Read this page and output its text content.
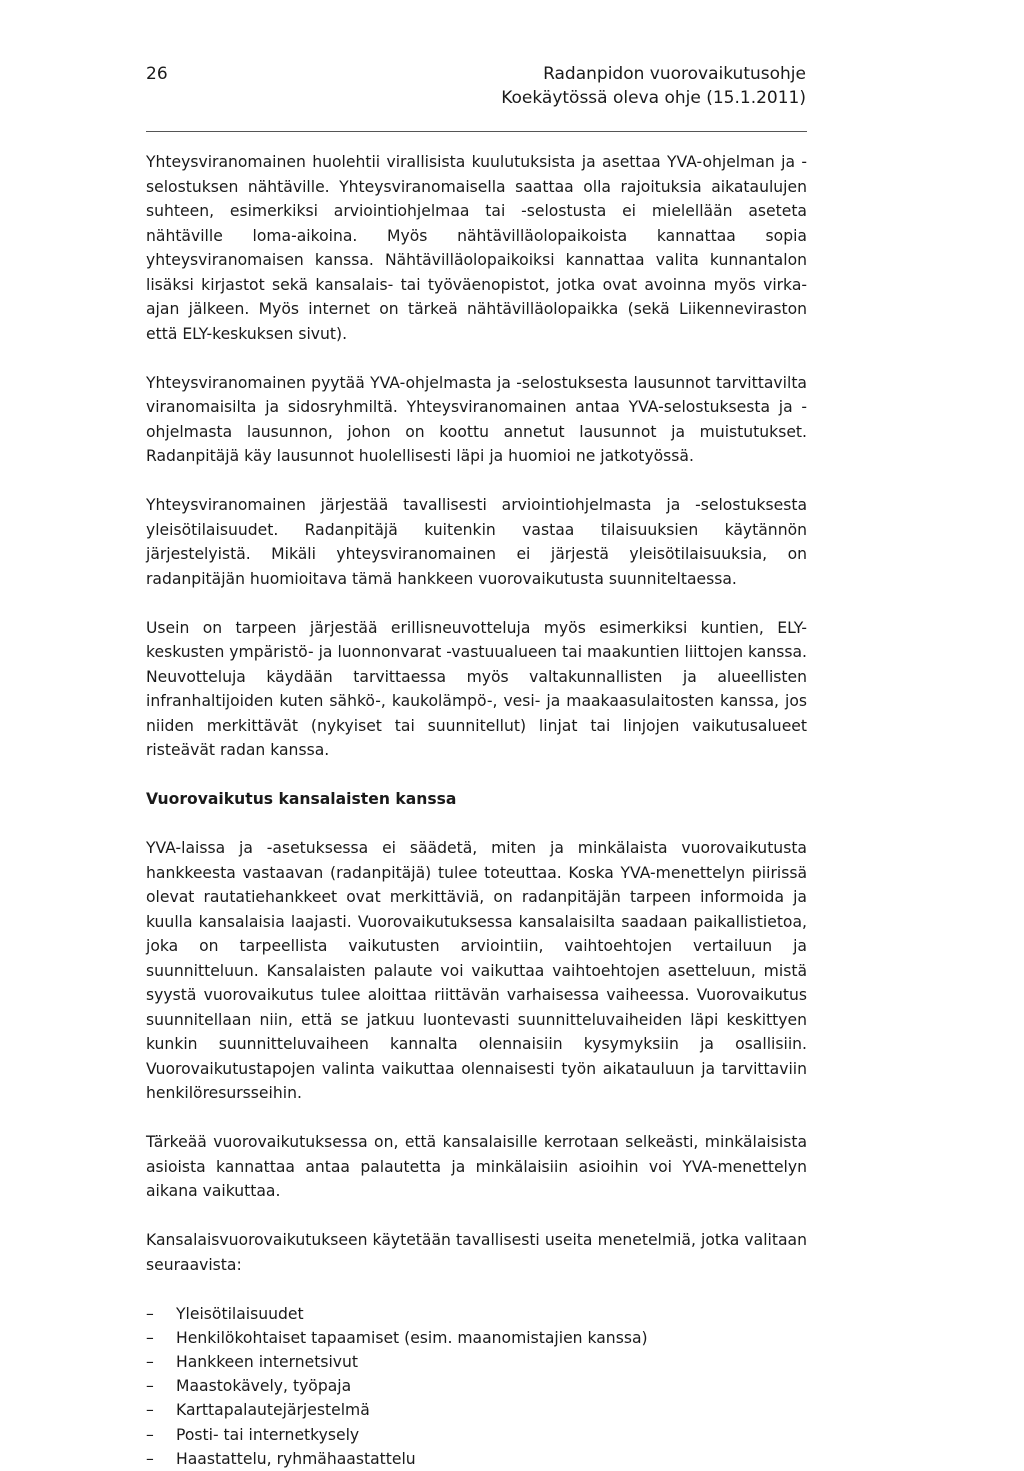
26	Radanpidon vuorovaikutusohje
Koekäytössä oleva ohje (15.1.2011)

Yhteysviranomainen huolehtii virallisista kuulutuksista ja asettaa YVA-ohjelman ja -selostuksen nähtäville. Yhteysviranomaisella saattaa olla rajoituksia aikataulujen suhteen, esimerkiksi arviointiohjelmaa tai -selostusta ei mielellään aseteta nähtäville loma-aikoina. Myös nähtävilläolopaikoista kannattaa sopia yhteysviranomaisen kanssa. Nähtävilläolopaikoiksi kannattaa valita kunnantalon lisäksi kirjastot sekä kansalais- tai työväenopistot, jotka ovat avoinna myös virka-ajan jälkeen. Myös internet on tärkeä nähtävilläolopaikka (sekä Liikenneviraston että ELY-keskuksen sivut).

Yhteysviranomainen pyytää YVA-ohjelmasta ja -selostuksesta lausunnot tarvittavilta viranomaisilta ja sidosryhmiltä. Yhteysviranomainen antaa YVA-selostuksesta ja -ohjelmasta lausunnon, johon on koottu annetut lausunnot ja muistutukset. Radanpitäjä käy lausunnot huolellisesti läpi ja huomioi ne jatkotyössä.

Yhteysviranomainen järjestää tavallisesti arviointiohjelmasta ja -selostuksesta yleisötilaisuudet. Radanpitäjä kuitenkin vastaa tilaisuuksien käytännön järjestelyistä. Mikäli yhteysviranomainen ei järjestä yleisötilaisuuksia, on radanpitäjän huomioitava tämä hankkeen vuorovaikutusta suunniteltaessa.

Usein on tarpeen järjestää erillisneuvotteluja myös esimerkiksi kuntien, ELY-keskusten ympäristö- ja luonnonvarat -vastuualueen tai maakuntien liittojen kanssa. Neuvotteluja käydään tarvittaessa myös valtakunnallisten ja alueellisten infranhaltijoiden kuten sähkö-, kaukolämpö-, vesi- ja maakaasulaitosten kanssa, jos niiden merkittävät (nykyiset tai suunnitellut) linjat tai linjojen vaikutusalueet risteävät radan kanssa.

Vuorovaikutus kansalaisten kanssa

YVA-laissa ja -asetuksessa ei säädetä, miten ja minkälaista vuorovaikutusta hankkeesta vastaavan (radanpitäjä) tulee toteuttaa. Koska YVA-menettelyn piirissä olevat rautatiehankkeet ovat merkittäviä, on radanpitäjän tarpeen informoida ja kuulla kansalaisia laajasti. Vuorovaikutuksessa kansalaisilta saadaan paikallistietoa, joka on tarpeellista vaikutusten arviointiin, vaihtoehtojen vertailuun ja suunnitteluun. Kansalaisten palaute voi vaikuttaa vaihtoehtojen asetteluun, mistä syystä vuorovaikutus tulee aloittaa riittävän varhaisessa vaiheessa. Vuorovaikutus suunnitellaan niin, että se jatkuu luontevasti suunnitteluvaiheiden läpi keskittyen kunkin suunnitteluvaiheen kannalta olennaisiin kysymyksiin ja osallisiin. Vuorovaikutustapojen valinta vaikuttaa olennaisesti työn aikatauluun ja tarvittaviin henkilöresursseihin.

Tärkeää vuorovaikutuksessa on, että kansalaisille kerrotaan selkeästi, minkälaisista asioista kannattaa antaa palautetta ja minkälaisiin asioihin voi YVA-menettelyn aikana vaikuttaa.

Kansalaisvuorovaikutukseen käytetään tavallisesti useita menetelmiä, jotka valitaan seuraavista:

– Yleisötilaisuudet
– Henkilökohtaiset tapaamiset (esim. maanomistajien kanssa)
– Hankkeen internetsivut
– Maastokävely, työpaja
– Karttapalautejärjestelmä
– Posti- tai internetkysely
– Haastattelu, ryhmähaastattelu
